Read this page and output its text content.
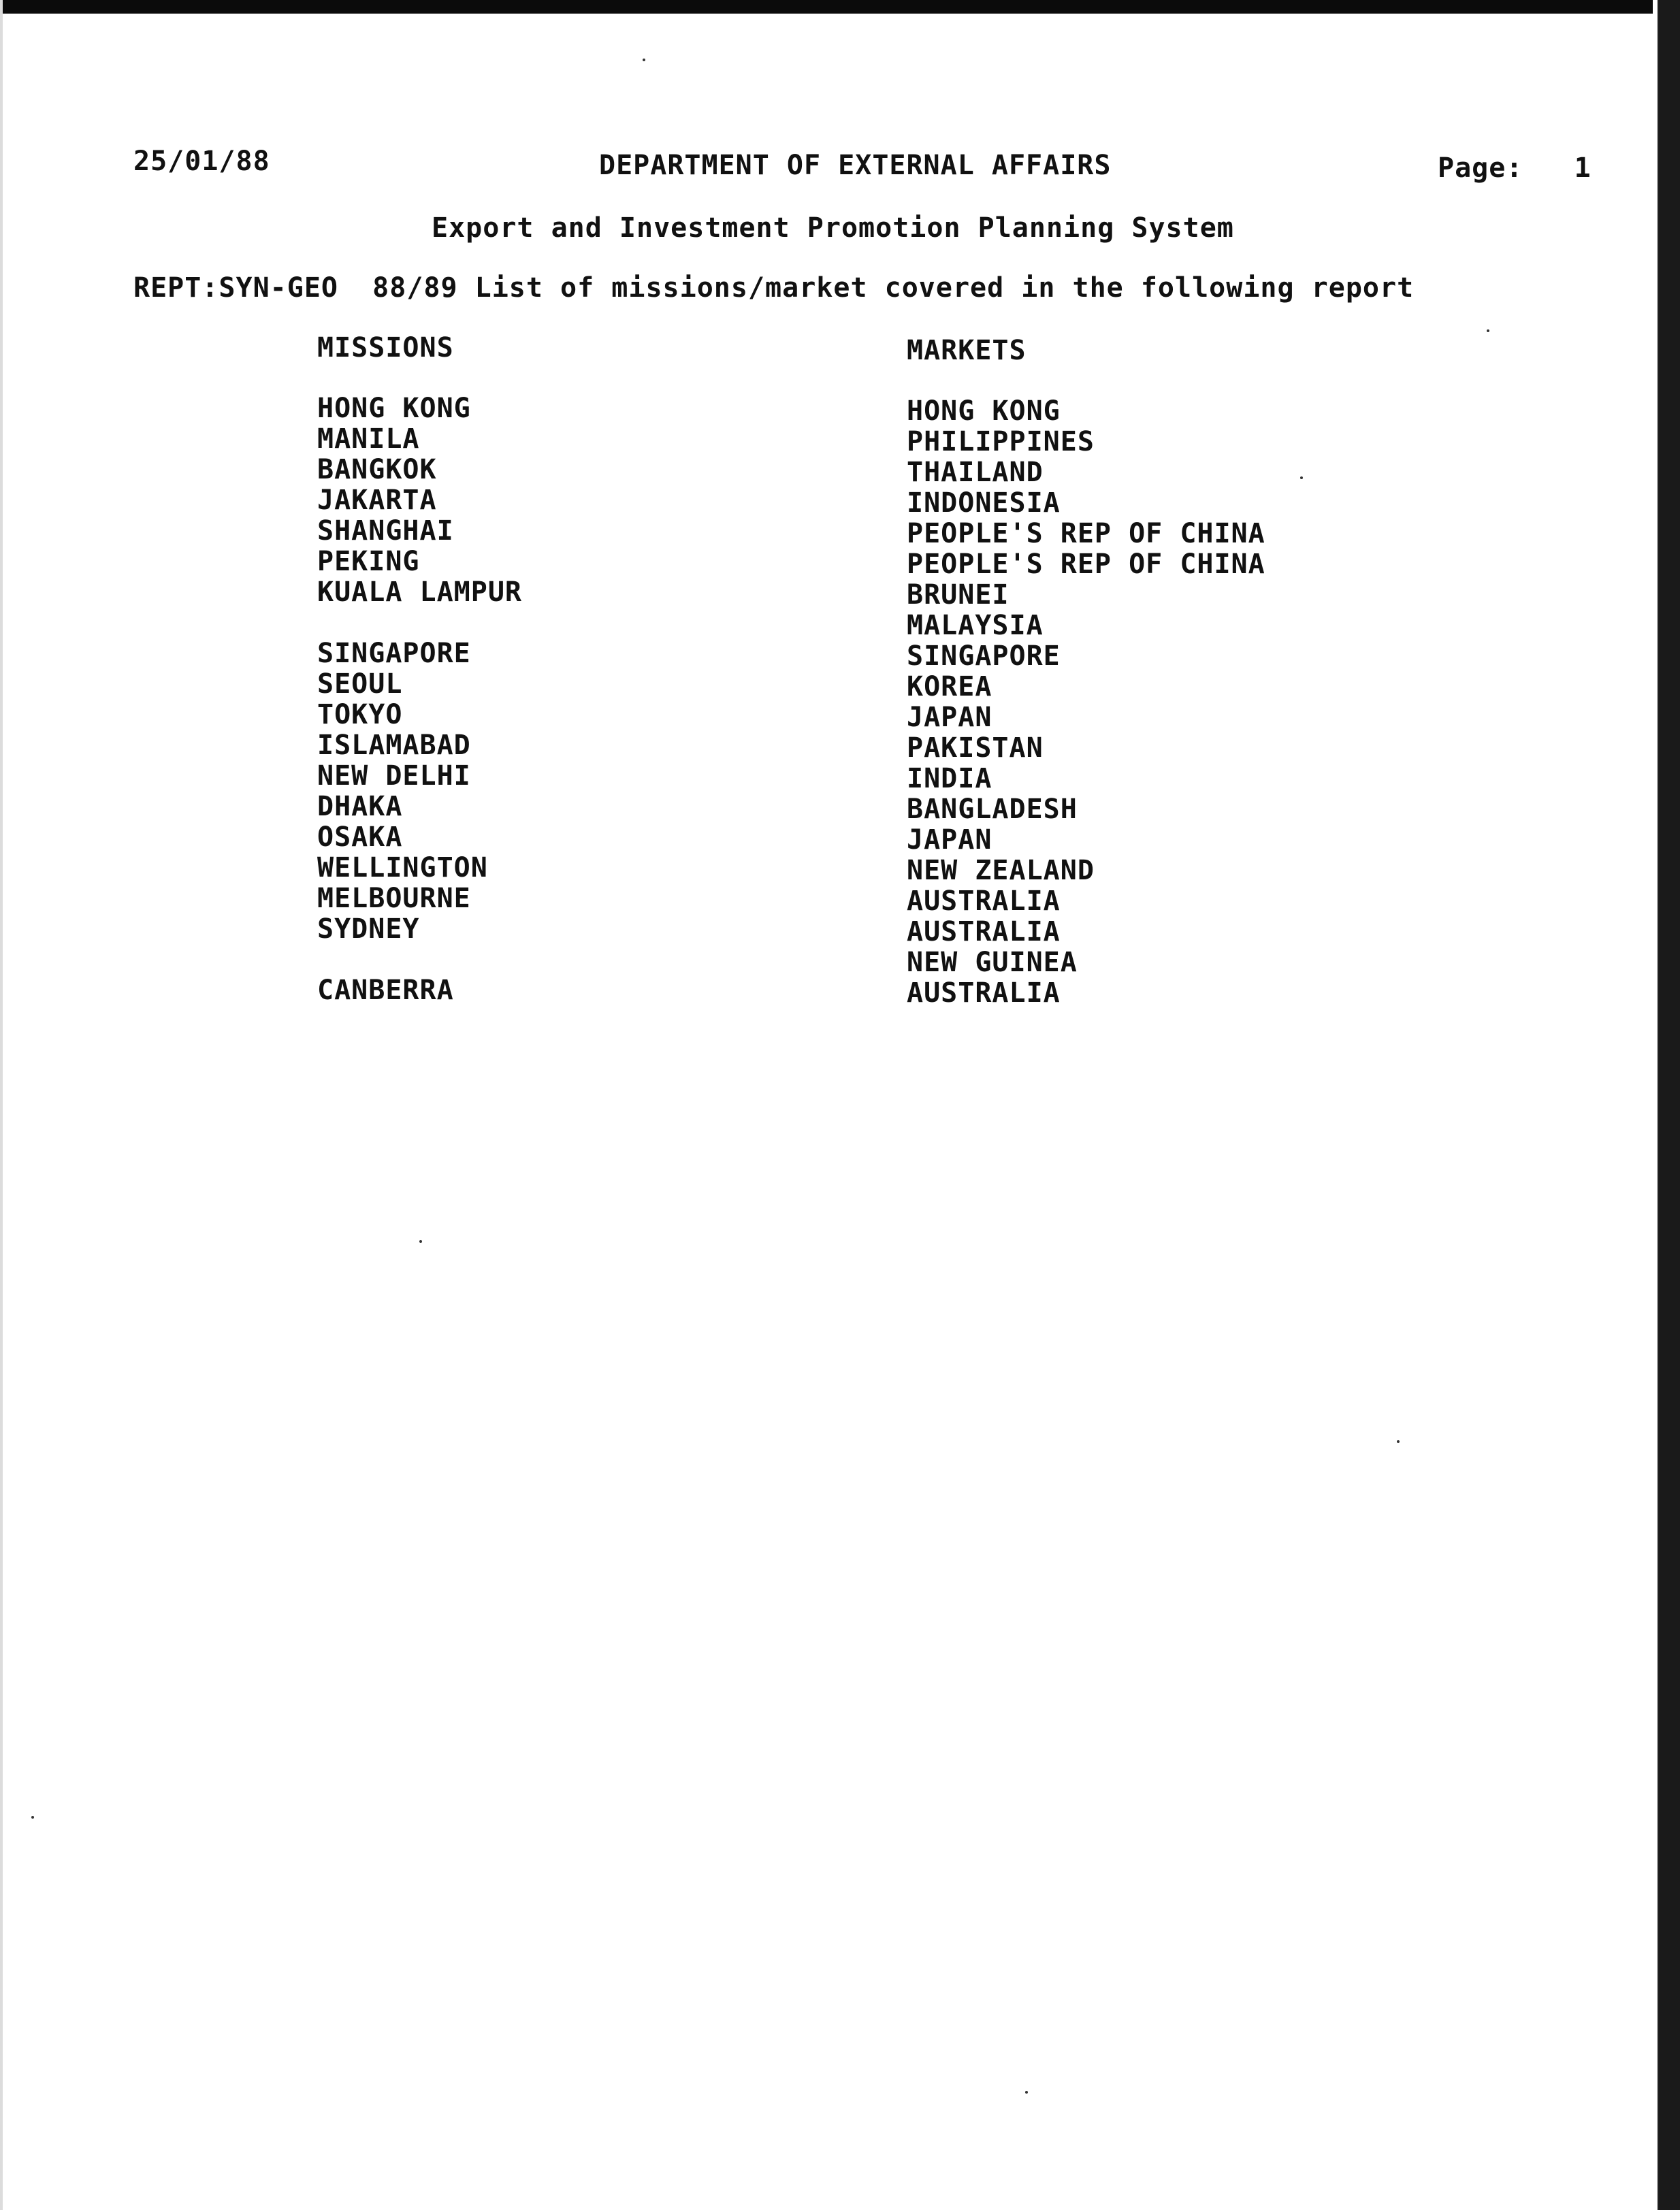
25/01/88	DEPARTMENT OF EXTERNAL AFFAIRS	Page: 1
Export and Investment Promotion Planning System
REPT:SYN-GEO  88/89 List of missions/market covered in the following report
MISSIONS
HONG KONG
MANILA
BANGKOK
JAKARTA
SHANGHAI
PEKING
KUALA LAMPUR
SINGAPORE
SEOUL
TOKYO
ISLAMABAD
NEW DELHI
DHAKA
OSAKA
WELLINGTON
MELBOURNE
SYDNEY
CANBERRA
MARKETS
HONG KONG
PHILIPPINES
THAILAND
INDONESIA
PEOPLE'S REP OF CHINA
PEOPLE'S REP OF CHINA
BRUNEI
MALAYSIA
SINGAPORE
KOREA
JAPAN
PAKISTAN
INDIA
BANGLADESH
JAPAN
NEW ZEALAND
AUSTRALIA
AUSTRALIA
NEW GUINEA
AUSTRALIA
